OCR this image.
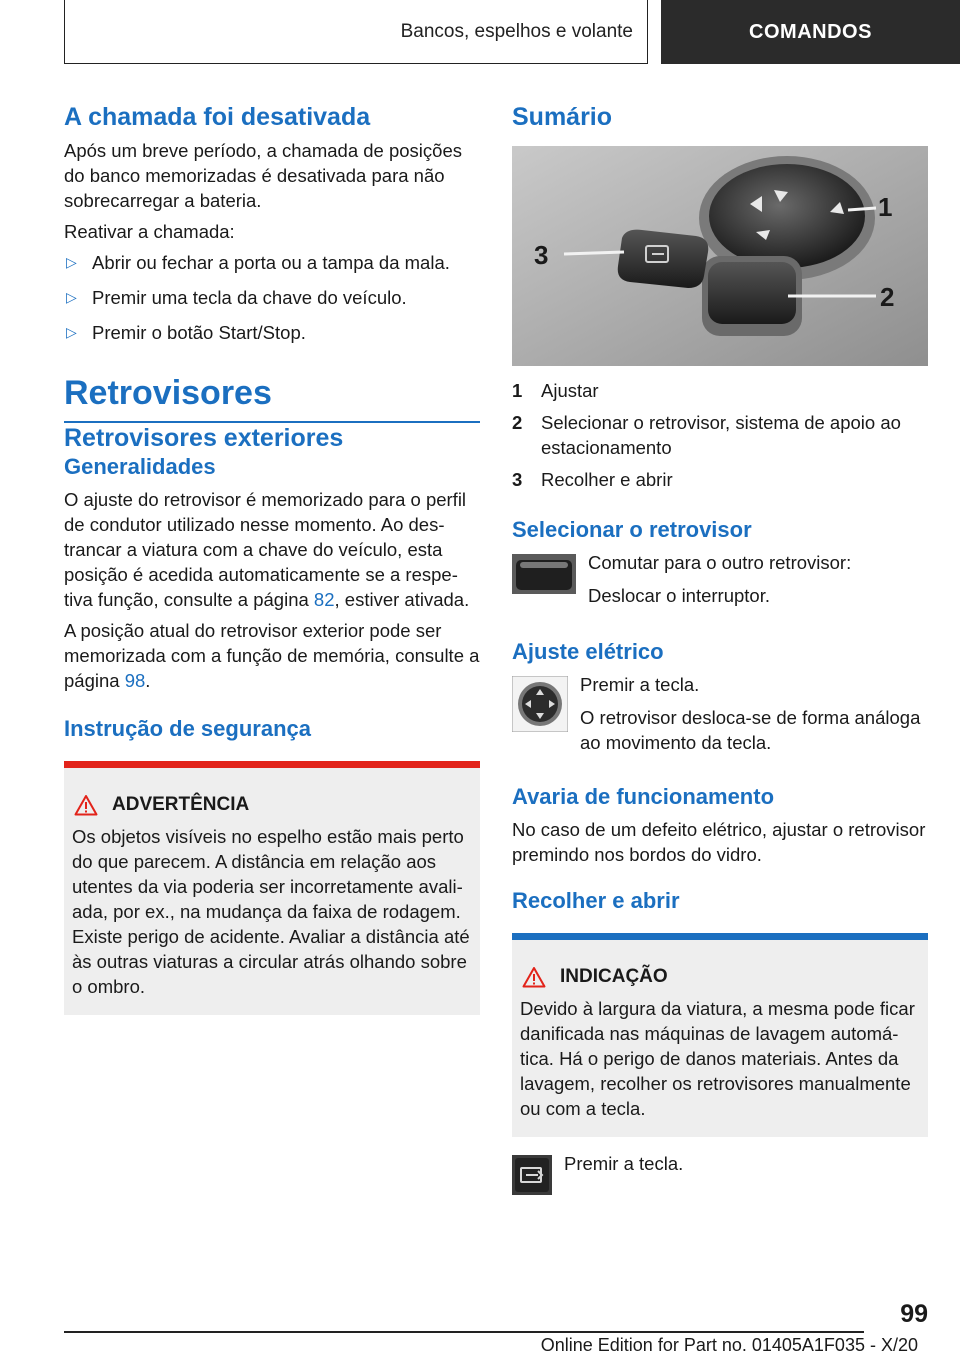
Bancos, espelhos e volante	COMANDOS
A chamada foi desativada

Após um breve período, a chamada de posições do banco memorizadas é desativada para não sobrecarregar a bateria.

Reativar a chamada:

▷ Abrir ou fechar a porta ou a tampa da mala.
▷ Premir uma tecla da chave do veículo.
▷ Premir o botão Start/Stop.
Retrovisores
Retrovisores exteriores
Generalidades

O ajuste do retrovisor é memorizado para o perfil de condutor utilizado nesse momento. Ao destrancar a viatura com a chave do veículo, esta posição é acedida automaticamente se a respetiva função, consulte a página 82, estiver ativada.

A posição atual do retrovisor exterior pode ser memorizada com a função de memória, consulte a página 98.

Instrução de segurança
ADVERTÊNCIA

Os objetos visíveis no espelho estão mais perto do que parecem. A distância em relação aos utentes da via poderia ser incorretamente avaliada, por ex., na mudança da faixa de rodagem. Existe perigo de acidente. Avaliar a distância até às outras viaturas a circular atrás olhando sobre o ombro.

Sumário
1
2
3
1	Ajustar
2	Selecionar o retrovisor, sistema de apoio ao estacionamento
3	Recolher e abrir
Selecionar o retrovisor

Comutar para o outro retrovisor:

Deslocar o interruptor.

Ajuste elétrico

Premir a tecla.

O retrovisor desloca-se de forma análoga ao movimento da tecla.

Avaria de funcionamento

No caso de um defeito elétrico, ajustar o retrovisor premindo nos bordos do vidro.

Recolher e abrir
INDICAÇÃO

Devido à largura da viatura, a mesma pode ficar danificada nas máquinas de lavagem automática. Há o perigo de danos materiais. Antes da lavagem, recolher os retrovisores manualmente ou com a tecla.

Premir a tecla.

99
Online Edition for Part no. 01405A1F035 - X/20
